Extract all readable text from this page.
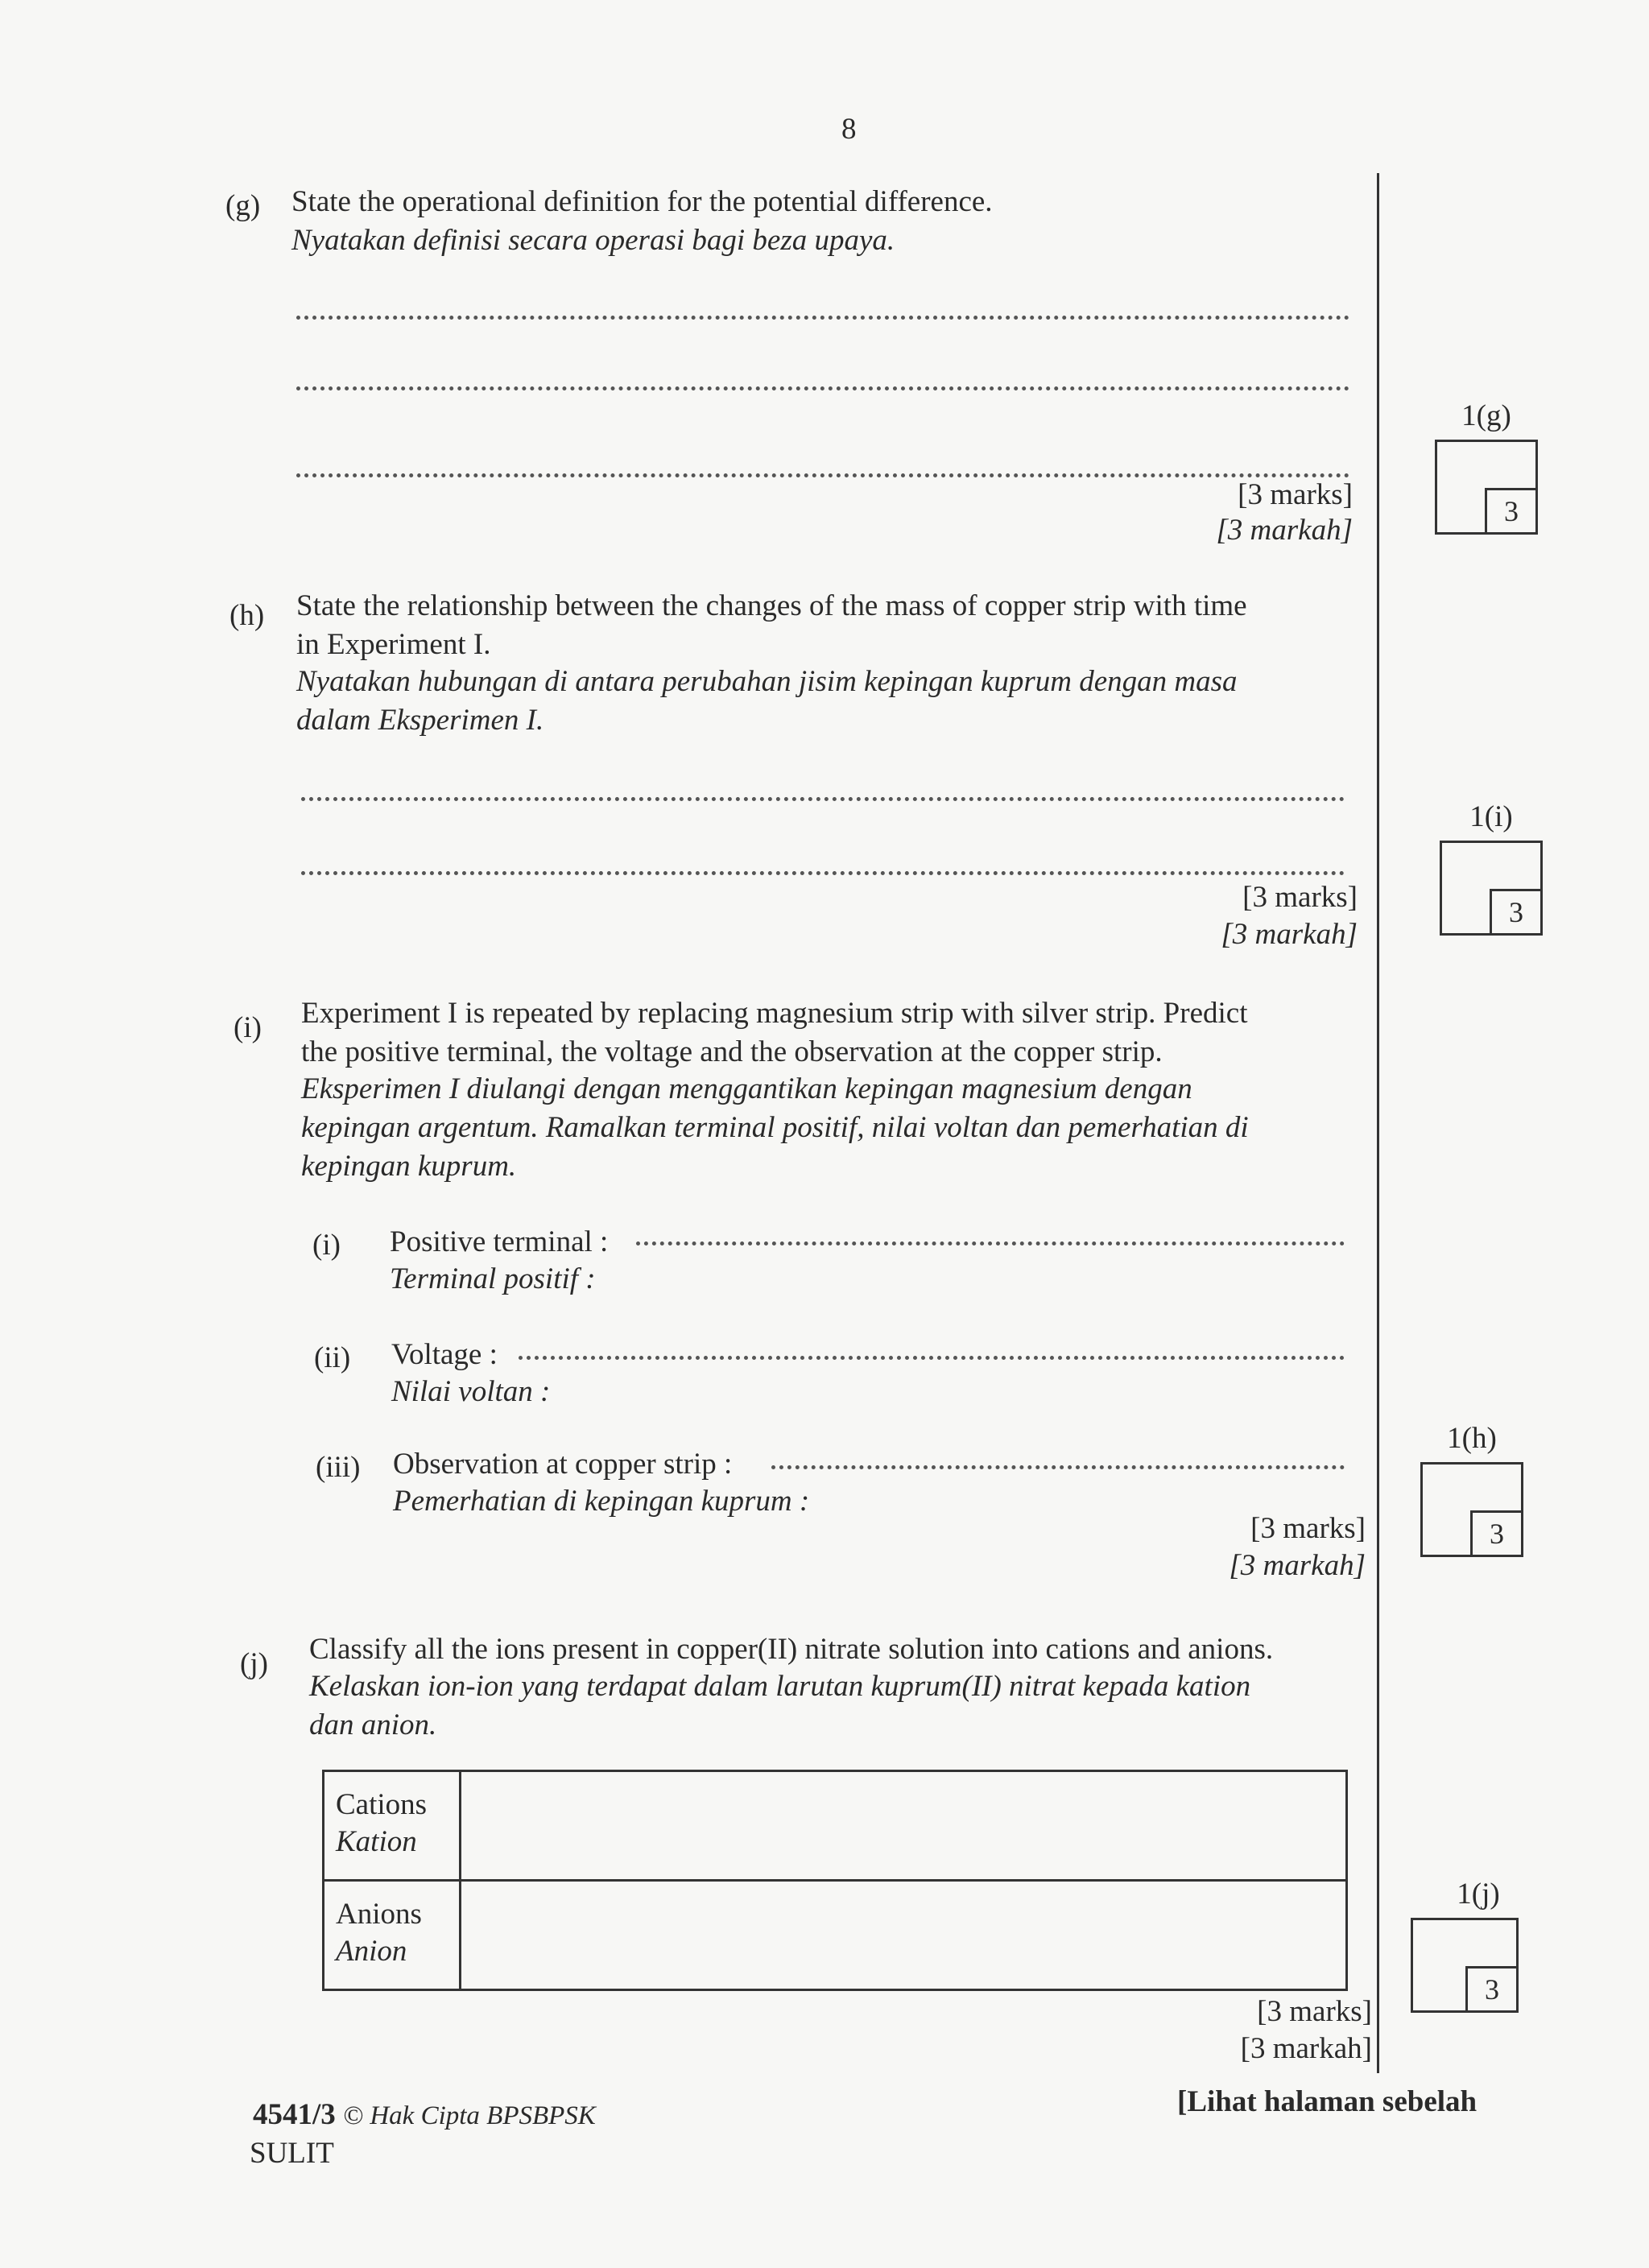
8
(g) State the operational definition for the potential difference.
Nyatakan definisi secara operasi bagi beza upaya.
[3 marks]
[3 markah]
1(g)
3
(h) State the relationship between the changes of the mass of copper strip with time
in Experiment I.
Nyatakan hubungan di antara perubahan jisim kepingan kuprum dengan masa
dalam Eksperimen I.
[3 marks]
[3 markah]
1(i)
3
(i) Experiment I is repeated by replacing magnesium strip with silver strip. Predict
the positive terminal, the voltage and the observation at the copper strip.
Eksperimen I diulangi dengan menggantikan kepingan magnesium dengan
kepingan argentum. Ramalkan terminal positif, nilai voltan dan pemerhatian di
kepingan kuprum.
(i) Positive terminal :
Terminal positif :
(ii) Voltage :
Nilai voltan :
(iii) Observation at copper strip :
Pemerhatian di kepingan kuprum :
[3 marks]
[3 markah]
1(h)
3
(j) Classify all the ions present in copper(II) nitrate solution into cations and anions.
Kelaskan ion-ion yang terdapat dalam larutan kuprum(II) nitrat kepada kation
dan anion.
Cations
Kation	

Anions
Anion	

[3 marks]
[3 markah]
1(j)
3
4541/3 © Hak Cipta BPSBPSK
SULIT
[Lihat halaman sebelah
